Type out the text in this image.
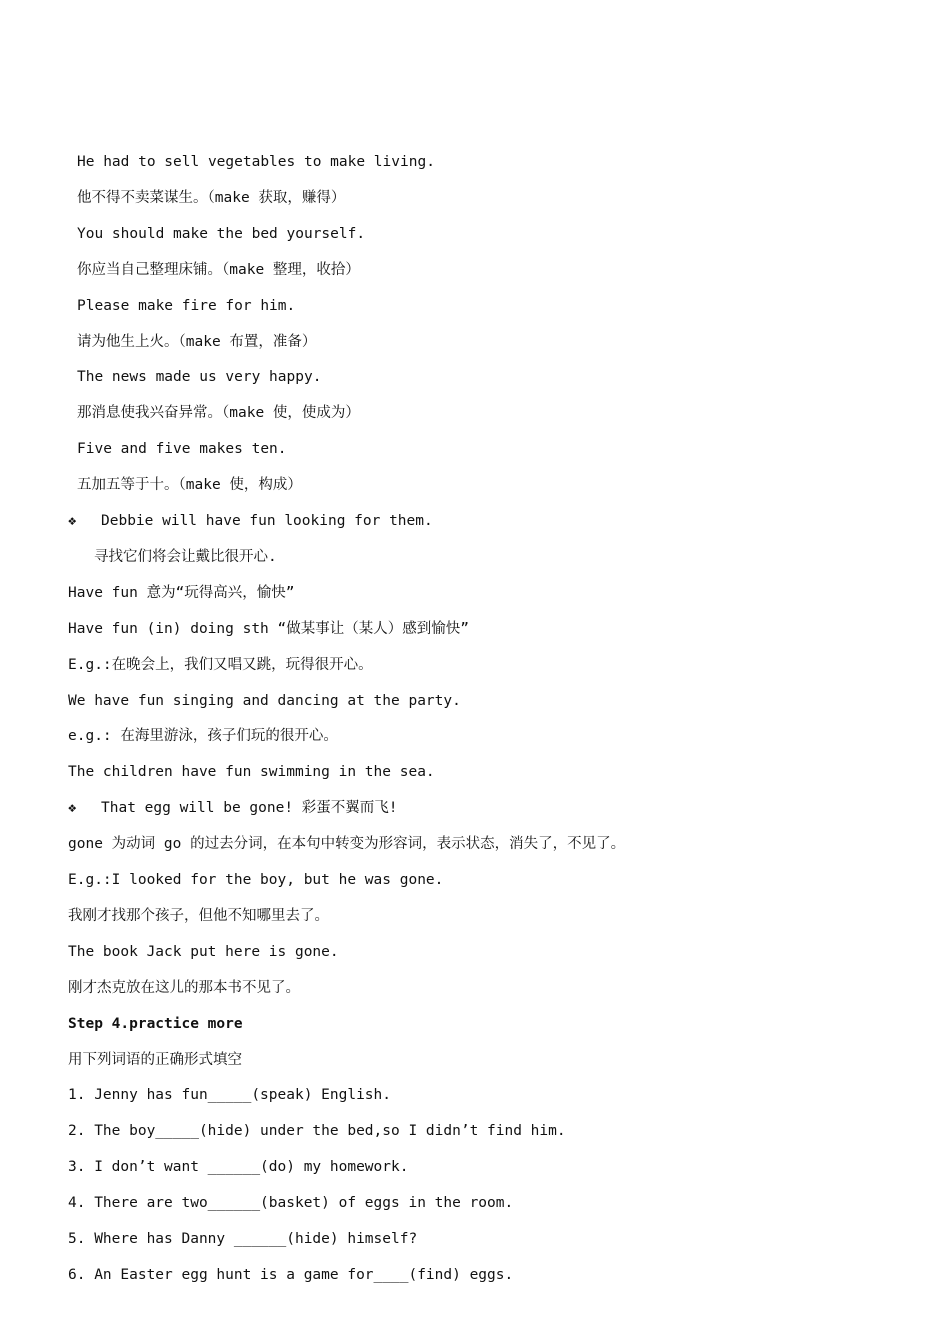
He had to sell vegetables to make living.
他不得不卖菜谋生。（make 获取，赚得）
You should make the bed yourself.
你应当自己整理床铺。（make 整理，收拾）
Please make fire for him.
请为他生上火。（make 布置，准备）
The news made us very happy.
那消息使我兴奋异常。（make 使，使成为）
Five and five makes ten.
五加五等于十。（make 使，构成）
❖ Debbie will have fun looking for them.
寻找它们将会让戴比很开心.
Have fun 意为“玩得高兴，愉快”
Have fun (in) doing sth “做某事让（某人）感到愉快”
E.g.:在晚会上，我们又唱又跳，玩得很开心。
We have fun singing and dancing at the party.
e.g.: 在海里游泳，孩子们玩的很开心。
The children have fun swimming in the sea.
❖ That egg will be gone! 彩蛋不翼而飞!
gone 为动词 go 的过去分词，在本句中转变为形容词，表示状态，消失了，不见了。
E.g.:I looked for the boy, but he was gone.
我刚才找那个孩子，但他不知哪里去了。
The book Jack put here is gone.
刚才杰克放在这儿的那本书不见了。
Step 4.practice more
用下列词语的正确形式填空
1. Jenny has fun_____(speak) English.
2. The boy_____(hide) under the bed,so I didn’t find him.
3. I don’t want ______(do) my homework.
4. There are two______(basket) of eggs in the room.
5. Where has Danny ______(hide) himself?
6. An Easter egg hunt is a game for____(find) eggs.
